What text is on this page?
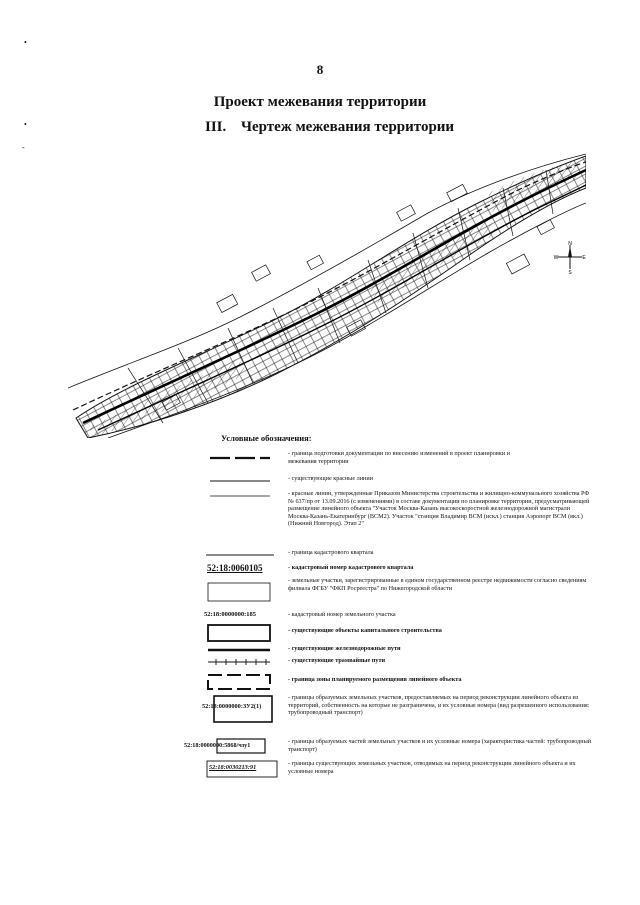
•
•
-
8
Проект межевания территории
III. Чертеж межевания территории
N
S
W	E
Условные обозначения:
- граница подготовки документации по внесению изменений в проект планировки и межевания территории
- существующие красные линии
- красные линии, утвержденные Приказом Министерства строительства и жилищно-коммунального хозяйства РФ № 637/пр от 13.09.2016 (с изменениями) в составе документации по планировке территории, предусматривающей размещение линейного объекта "Участок Москва-Казань высокоскоростной железнодорожной магистрали Москва-Казань-Екатеринбург (ВСМ2). Участок "станция Владимир ВСМ (искл.) станция Аэропорт ВСМ (вкл.) (Нижний Новгород). Этап 2"
- граница кадастрового квартала
52:18:0060105	- кадастровый номер кадастрового квартала
- земельные участки, зарегистрированные в едином государственном реестре недвижимости согласно сведениям филиала ФГБУ "ФКП Росреестра" по Нижегородской области
52:18:0000000:185	- кадастровый номер земельного участка
- существующие объекты капитального строительства
- существующие железнодорожные пути
- существующие трамвайные пути
- граница зоны планируемого размещения линейного объекта
52:18:0000000:ЗУ2(1)
- границы образуемых земельных участков, предоставляемых на период реконструкции линейного объекта из территорий, собственность на которые не разграничена, и их условные номера (вид разрешенного использования: трубопроводный транспорт)
52:18:0000000:5868/чзу1
- границы образуемых частей земельных участков и их условные номера (характеристика частей: трубопроводный транспорт)
52:18:0030213:91
- границы существующих земельных участков, отводимых на период реконструкции линейного объекта и их условные номера
